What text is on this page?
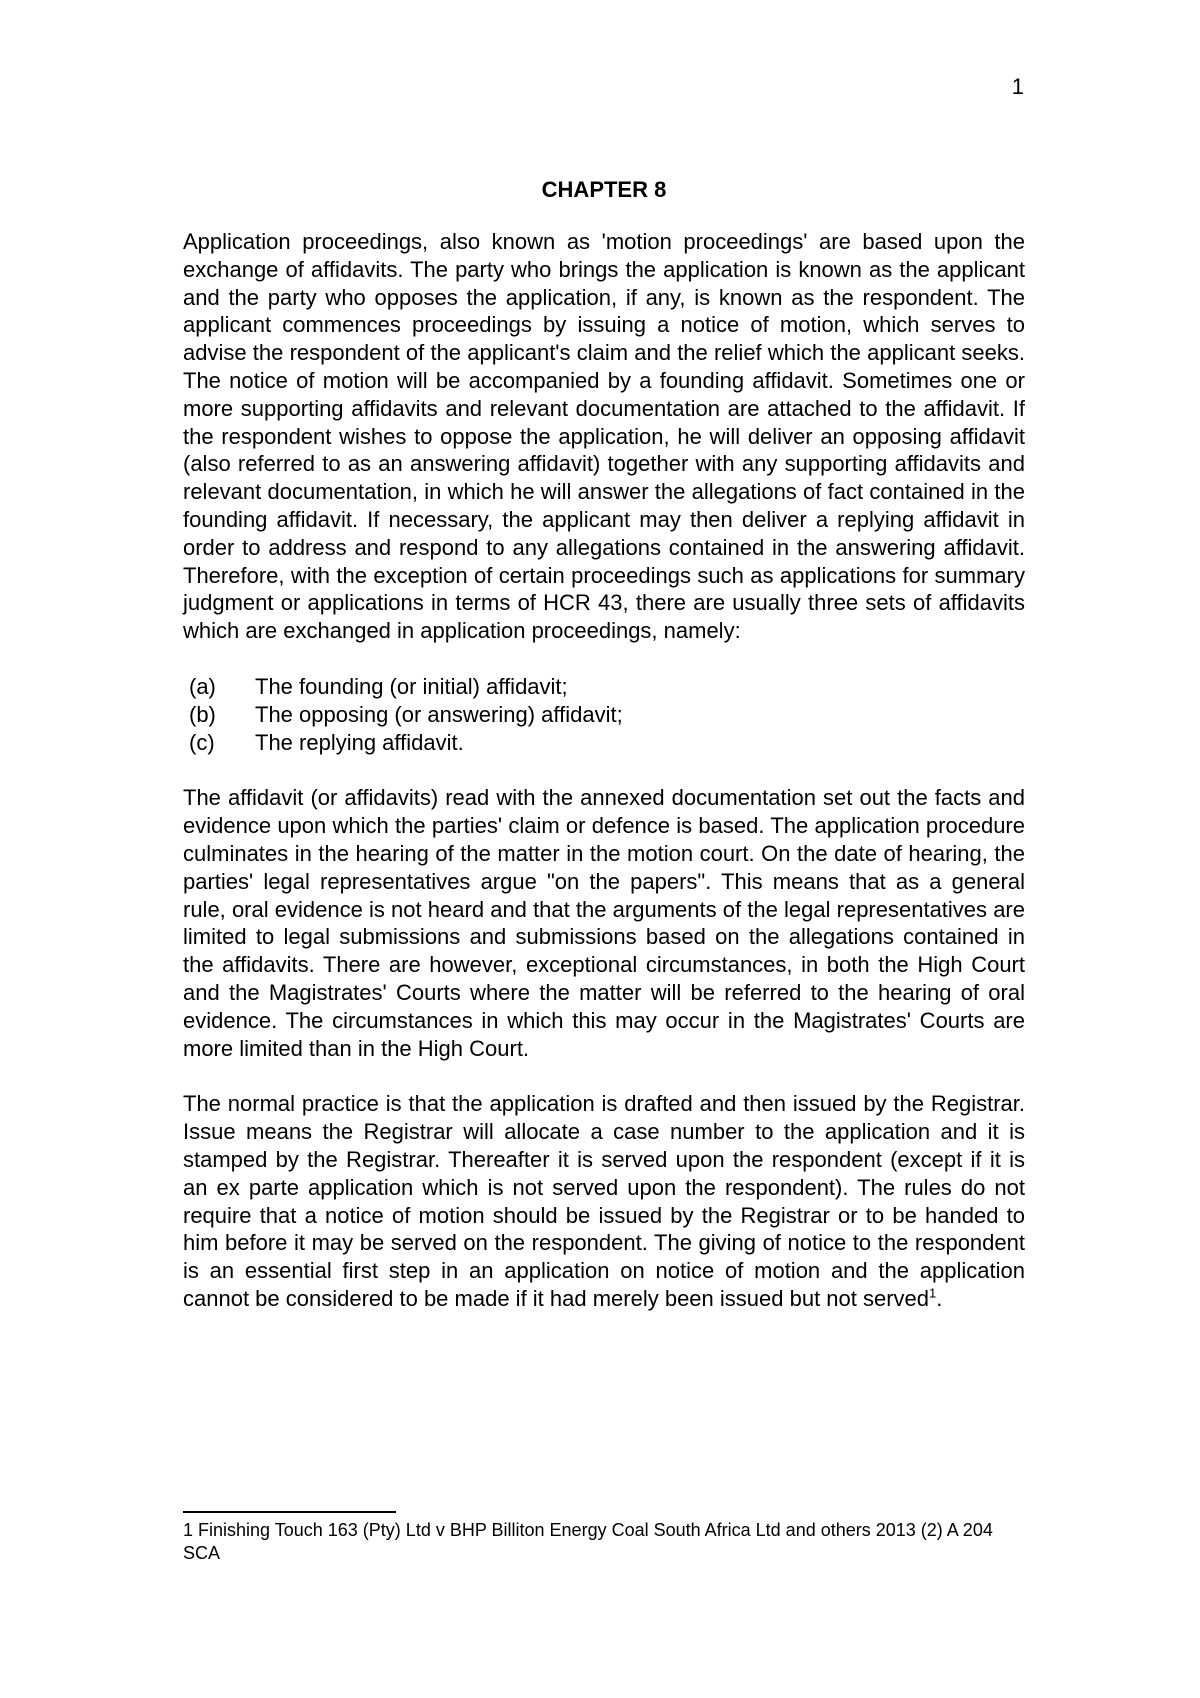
1
CHAPTER 8

Application proceedings, also known as 'motion proceedings' are based upon the exchange of affidavits. The party who brings the application is known as the applicant and the party who opposes the application, if any, is known as the respondent. The applicant commences proceedings by issuing a notice of motion, which serves to advise the respondent of the applicant's claim and the relief which the applicant seeks. The notice of motion will be accompanied by a founding affidavit. Sometimes one or more supporting affidavits and relevant documentation are attached to the affidavit. If the respondent wishes to oppose the application, he will deliver an opposing affidavit (also referred to as an answering affidavit) together with any supporting affidavits and relevant documentation, in which he will answer the allegations of fact contained in the founding affidavit. If necessary, the applicant may then deliver a replying affidavit in order to address and respond to any allegations contained in the answering affidavit. Therefore, with the exception of certain proceedings such as applications for summary judgment or applications in terms of HCR 43, there are usually three sets of affidavits which are exchanged in application proceedings, namely:

(a)	The founding (or initial) affidavit;
(b)	The opposing (or answering) affidavit;
(c)	The replying affidavit.

The affidavit (or affidavits) read with the annexed documentation set out the facts and evidence upon which the parties' claim or defence is based. The application procedure culminates in the hearing of the matter in the motion court. On the date of hearing, the parties' legal representatives argue "on the papers". This means that as a general rule, oral evidence is not heard and that the arguments of the legal representatives are limited to legal submissions and submissions based on the allegations contained in the affidavits. There are however, exceptional circumstances, in both the High Court and the Magistrates' Courts where the matter will be referred to the hearing of oral evidence. The circumstances in which this may occur in the Magistrates' Courts are more limited than in the High Court.

The normal practice is that the application is drafted and then issued by the Registrar. Issue means the Registrar will allocate a case number to the application and it is stamped by the Registrar. Thereafter it is served upon the respondent (except if it is an ex parte application which is not served upon the respondent). The rules do not require that a notice of motion should be issued by the Registrar or to be handed to him before it may be served on the respondent. The giving of notice to the respondent is an essential first step in an application on notice of motion and the application cannot be considered to be made if it had merely been issued but not served$^1$.

1 Finishing Touch 163 (Pty) Ltd v BHP Billiton Energy Coal South Africa Ltd and others 2013 (2) A 204 SCA
